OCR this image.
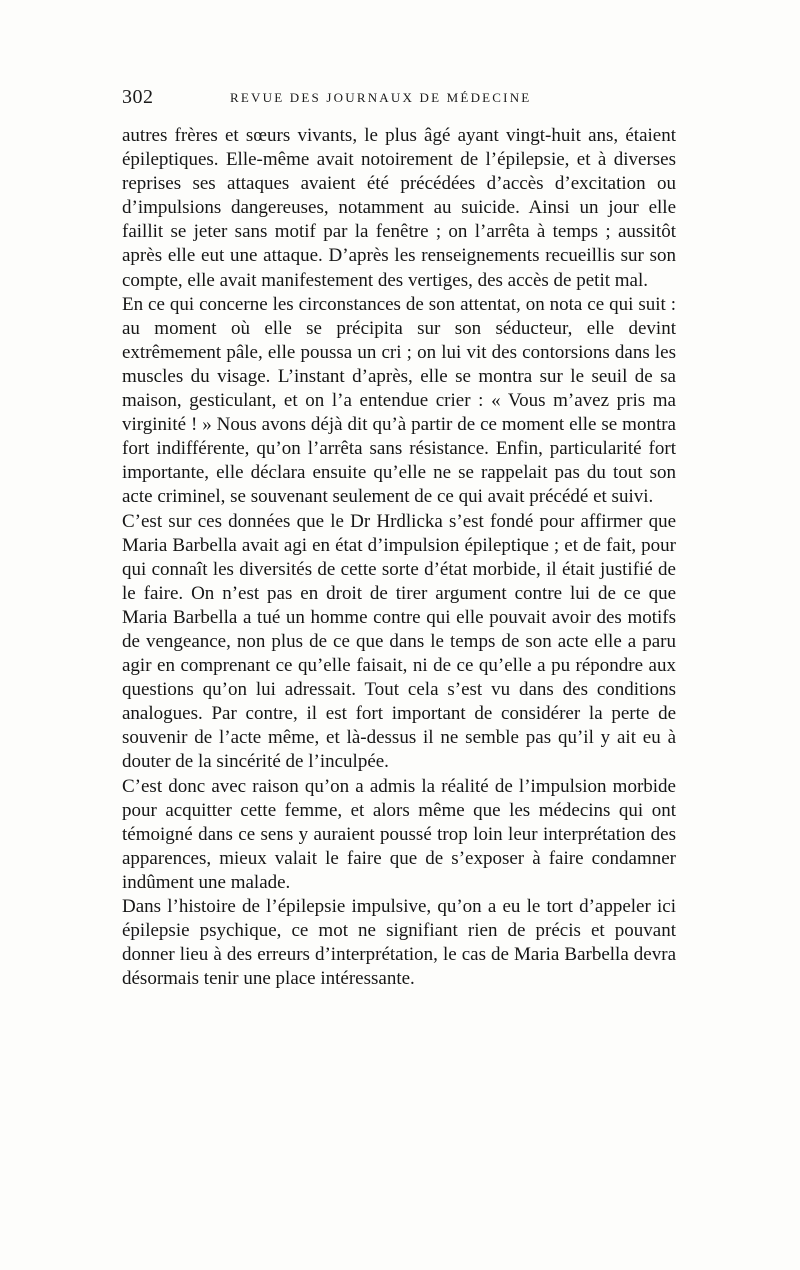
302	REVUE DES JOURNAUX DE MÉDECINE

autres frères et sœurs vivants, le plus âgé ayant vingt-huit ans, étaient épileptiques. Elle-même avait notoirement de l’épilepsie, et à diverses reprises ses attaques avaient été précédées d’accès d’excitation ou d’impulsions dangereuses, notamment au suicide. Ainsi un jour elle faillit se jeter sans motif par la fenêtre ; on l’arrêta à temps ; aussitôt après elle eut une attaque. D’après les renseignements recueillis sur son compte, elle avait manifestement des vertiges, des accès de petit mal.

En ce qui concerne les circonstances de son attentat, on nota ce qui suit : au moment où elle se précipita sur son séducteur, elle devint extrêmement pâle, elle poussa un cri ; on lui vit des contorsions dans les muscles du visage. L’instant d’après, elle se montra sur le seuil de sa maison, gesticulant, et on l’a entendue crier : « Vous m’avez pris ma virginité ! » Nous avons déjà dit qu’à partir de ce moment elle se montra fort indifférente, qu’on l’arrêta sans résistance. Enfin, particularité fort importante, elle déclara ensuite qu’elle ne se rappelait pas du tout son acte criminel, se souvenant seulement de ce qui avait précédé et suivi.

C’est sur ces données que le Dr Hrdlicka s’est fondé pour affirmer que Maria Barbella avait agi en état d’impulsion épileptique ; et de fait, pour qui connaît les diversités de cette sorte d’état morbide, il était justifié de le faire. On n’est pas en droit de tirer argument contre lui de ce que Maria Barbella a tué un homme contre qui elle pouvait avoir des motifs de vengeance, non plus de ce que dans le temps de son acte elle a paru agir en comprenant ce qu’elle faisait, ni de ce qu’elle a pu répondre aux questions qu’on lui adressait. Tout cela s’est vu dans des conditions analogues. Par contre, il est fort important de considérer la perte de souvenir de l’acte même, et là-dessus il ne semble pas qu’il y ait eu à douter de la sincérité de l’inculpée.

C’est donc avec raison qu’on a admis la réalité de l’impulsion morbide pour acquitter cette femme, et alors même que les médecins qui ont témoigné dans ce sens y auraient poussé trop loin leur interprétation des apparences, mieux valait le faire que de s’exposer à faire condamner indûment une malade.

Dans l’histoire de l’épilepsie impulsive, qu’on a eu le tort d’appeler ici épilepsie psychique, ce mot ne signifiant rien de précis et pouvant donner lieu à des erreurs d’interprétation, le cas de Maria Barbella devra désormais tenir une place intéressante.
